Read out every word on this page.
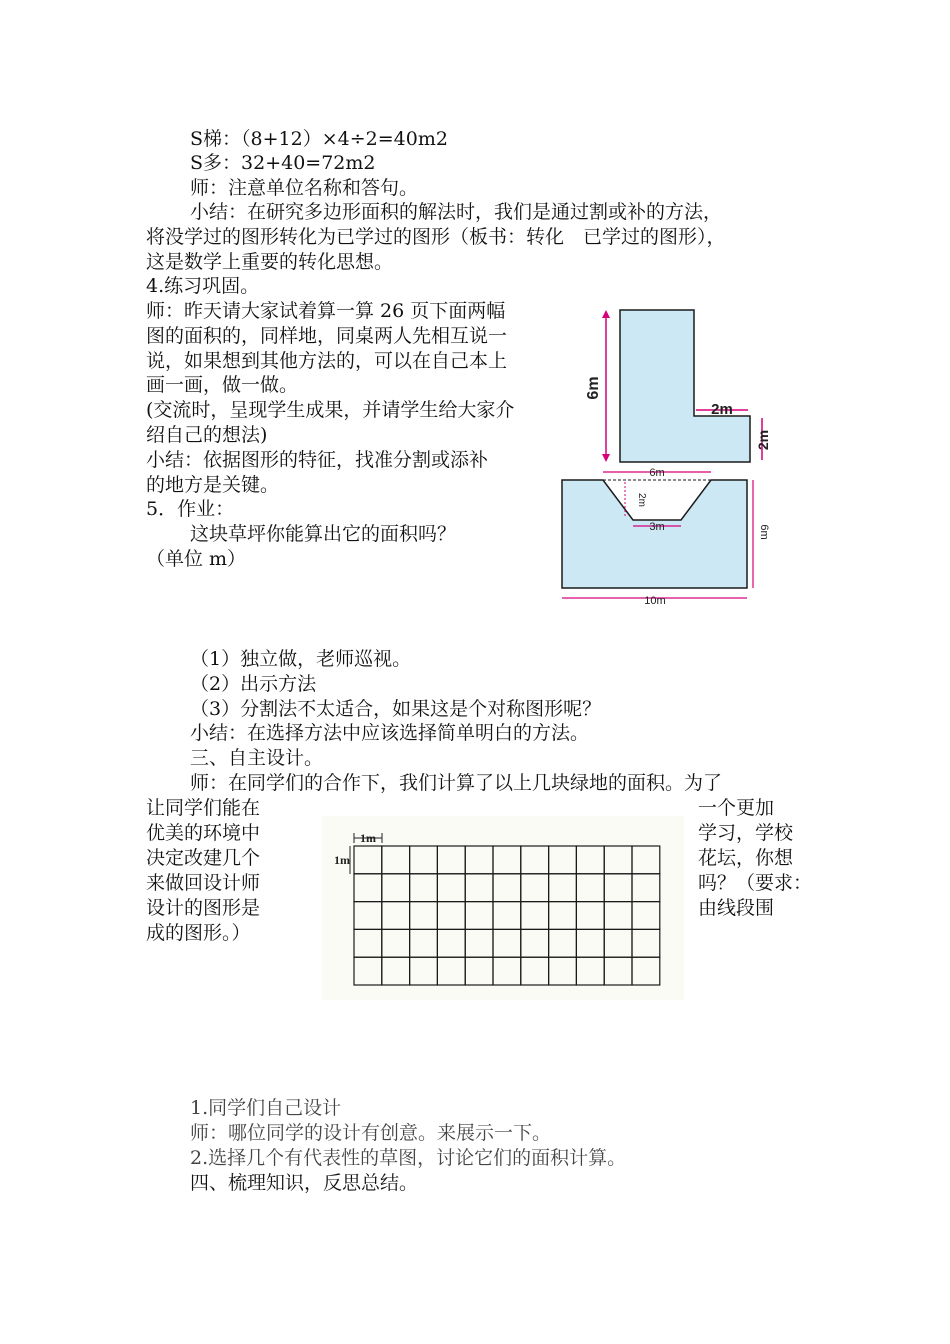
S梯：（8+12）×4÷2=40m2
S多：32+40=72m2
师：注意单位名称和答句。
小结：在研究多边形面积的解法时，我们是通过割或补的方法，
将没学过的图形转化为已学过的图形（板书：转化　已学过的图形），
这是数学上重要的转化思想。
4.练习巩固。
师：昨天请大家试着算一算 26 页下面两幅
图的面积的，同样地，同桌两人先相互说一
说，如果想到其他方法的，可以在自己本上
画一画，做一做。
(交流时，呈现学生成果，并请学生给大家介
绍自己的想法)
小结：依据图形的特征，找准分割或添补
的地方是关键。
5．作业：
这块草坪你能算出它的面积吗？
（单位 m）
（1）独立做，老师巡视。
（2）出示方法
（3）分割法不太适合，如果这是个对称图形呢？
小结：在选择方法中应该选择简单明白的方法。
三、自主设计。
师：在同学们的合作下，我们计算了以上几块绿地的面积。为了
让同学们能在
优美的环境中
决定改建几个
来做回设计师
设计的图形是
成的图形。）
一个更加
学习，学校
花坛，你想
吗？（要求：
由线段围
1.同学们自己设计
师：哪位同学的设计有创意。来展示一下。
2.选择几个有代表性的草图，讨论它们的面积计算。
四、梳理知识，反思总结。
6m
2m
2m
6m
2m
3m	6m
10m
1m
1m
